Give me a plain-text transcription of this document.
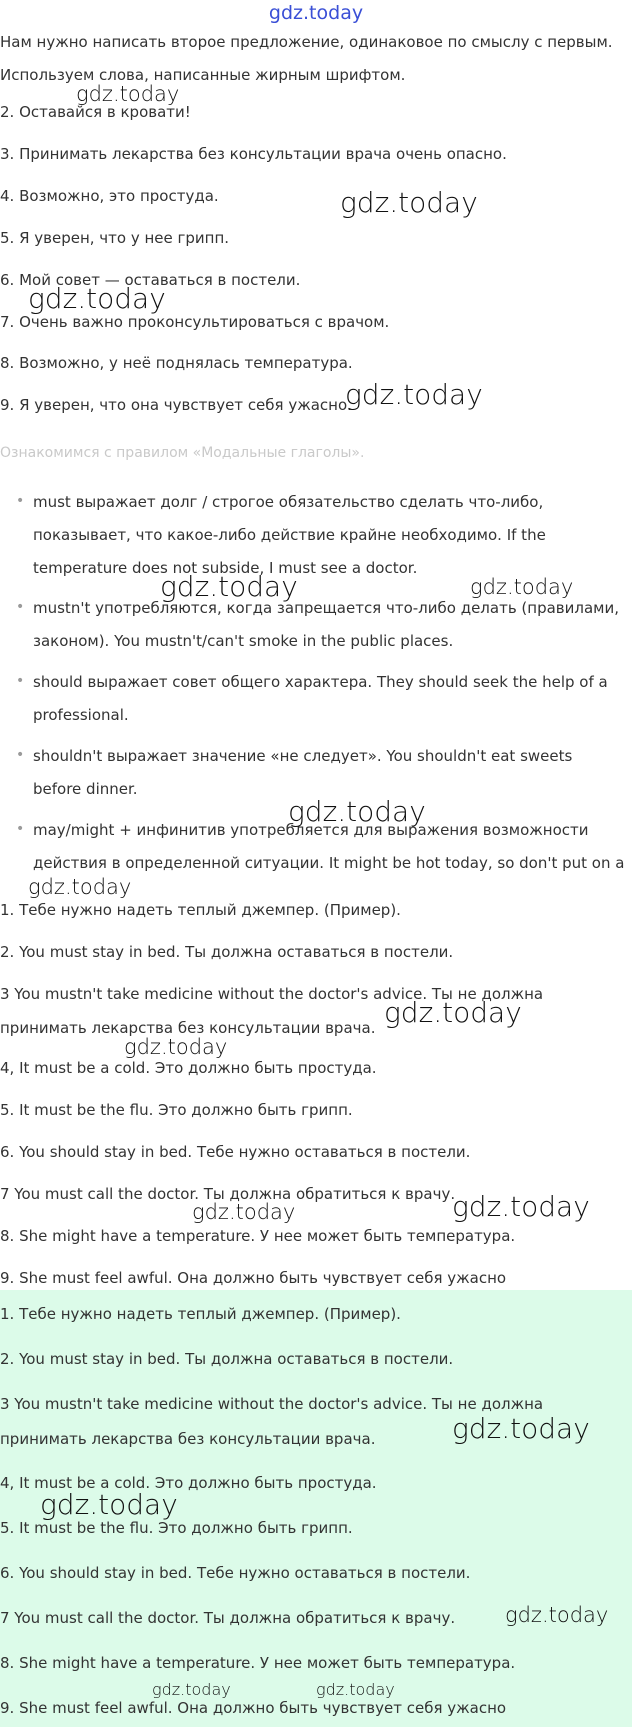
gdz.today
Нам нужно написать второе предложение, одинаковое по смыслу с первым.
Используем слова, написанные жирным шрифтом.
2. Оставайся в кровати!
3. Принимать лекарства без консультации врача очень опасно.
4. Возможно, это простуда.
5. Я уверен, что у нее грипп.
6. Мой совет — оставаться в постели.
7. Очень важно проконсультироваться с врачом.
8. Возможно, у неё поднялась температура.
9. Я уверен, что она чувствует себя ужасно.
Ознакомимся с правилом «Модальные глаголы».
• must выражает долг / строгое обязательство сделать что-либо,
показывает, что какое-либо действие крайне необходимо. If the
temperature does not subside, I must see a doctor.
• mustn't употребляются, когда запрещается что-либо делать (правилами,
законом). You mustn't/can't smoke in the public places.
• should выражает совет общего характера. They should seek the help of a
professional.
• shouldn't выражает значение «не следует». You shouldn't eat sweets
before dinner.
• may/might + инфинитив употребляется для выражения возможности
действия в определенной ситуации. It might be hot today, so don't put on a
1. Тебе нужно надеть теплый джемпер. (Пример).
2. You must stay in bed. Ты должна оставаться в постели.
3 You mustn't take medicine without the doctor's advice. Ты не должна
принимать лекарства без консультации врача.
4, It must be a cold. Это должно быть простуда.
5. It must be the flu. Это должно быть грипп.
6. You should stay in bed. Тебе нужно оставаться в постели.
7 You must call the doctor. Ты должна обратиться к врачу.
8. She might have a temperature. У нее может быть температура.
9. She must feel awful. Она должно быть чувствует себя ужасно
1. Тебе нужно надеть теплый джемпер. (Пример).
2. You must stay in bed. Ты должна оставаться в постели.
3 You mustn't take medicine without the doctor's advice. Ты не должна
принимать лекарства без консультации врача.
4, It must be a cold. Это должно быть простуда.
5. It must be the flu. Это должно быть грипп.
6. You should stay in bed. Тебе нужно оставаться в постели.
7 You must call the doctor. Ты должна обратиться к врачу.
8. She might have a temperature. У нее может быть температура.
9. She must feel awful. Она должно быть чувствует себя ужасно
gdz.today
gdz.today
gdz.today
gdz.today
gdz.today	gdz.today
gdz.today
gdz.today
gdz.today
gdz.today
gdz.today
gdz.today
gdz.today
gdz.today
gdz.today
gdz.today	gdz.today
